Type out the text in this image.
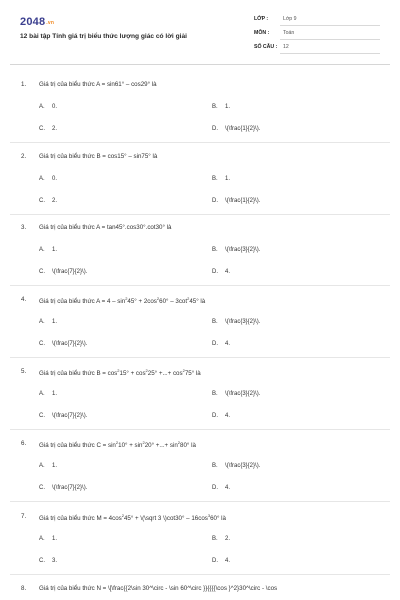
2048.vn
12 bài tập Tính giá trị biểu thức lượng giác có lời giải
LỚP :	Lớp 9
MÔN :	Toán
SỐ CÂU : 12
1. Giá trị của biểu thức A = sin61° – cos29° là
A. 0.	B. 1.
C. 2.	D. \(\frac{1}{2}\).
2. Giá trị của biểu thức B = cos15° – sin75° là
A. 0.	B. 1.
C. 2.	D. \(\frac{1}{2}\).
3. Giá trị của biểu thức A = tan45°.cos30°.cot30° là
A. 1.	B. \(\frac{3}{2}\).
C. \(\frac{7}{2}\).	D. 4.
4. Giá trị của biểu thức $A = 4 - \sin^245^\circ + 2\cos^260^\circ - 3\cot^245^\circ$ là
A. 1.	B. \(\frac{3}{2}\).
C. \(\frac{7}{2}\).	D. 4.
5. Giá trị của biểu thức $B = \cos^215^\circ + \cos^225^\circ$ +...+ $\cos^275^\circ$ là
A. 1.	B. \(\frac{3}{2}\).
C. \(\frac{7}{2}\).	D. 4.
6. Giá trị của biểu thức $C = \sin^210^\circ + \sin^220^\circ$ +...+ $\sin^280^\circ$ là
A. 1.	B. \(\frac{3}{2}\).
C. \(\frac{7}{2}\).	D. 4.
7. Giá trị của biểu thức $M = 4\cos^245^\circ$ + \(\sqrt 3 \)cot30° – $16\cos^360^\circ$ là
A. 1.	B. 2.
C. 3.	D. 4.
8. Giá trị của biểu thức N = \[\frac{{2\sin 30^\circ - \sin 60^\circ }}{{{{\cos }^2}30^\circ - \cos
